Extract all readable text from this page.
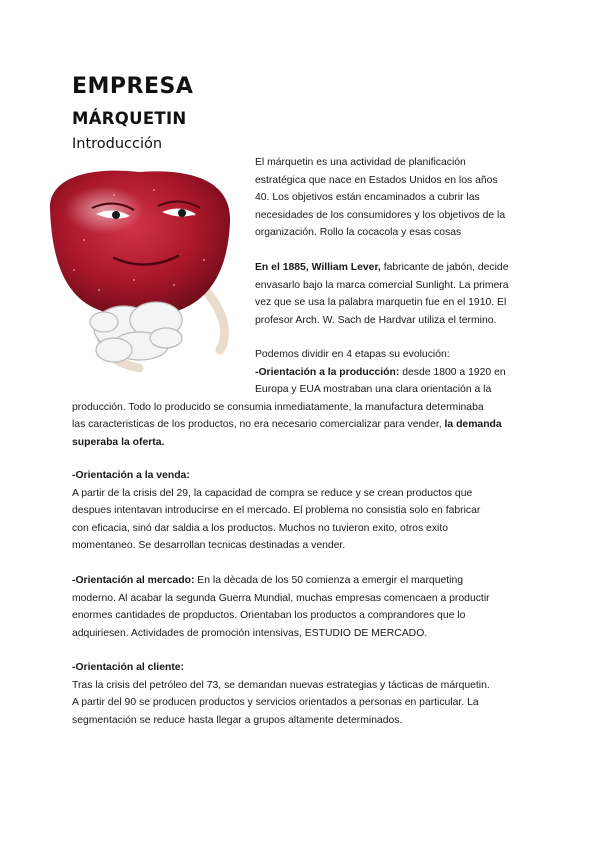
EMPRESA
MÁRQUETIN
Introducción

El márquetin es una actividad de planificación
estratégica que nace en Estados Unidos en los años
40. Los objetivos están encaminados a cubrir las
necesidades de los consumidores y los objetivos de la
organización. Rollo la cocacola y esas cosas

En el 1885, William Lever, fabricante de jabón, decide
envasarlo bajo la marca comercial Sunlight. La primera
vez que se usa la palabra marquetin fue en el 1910. El
profesor Arch. W. Sach de Hardvar utiliza el termino.

Podemos dividir en 4 etapas su evolución:
-Orientación a la producción: desde 1800 a 1920 en
Europa y EUA mostraban una clara orientación a la

producción. Todo lo producido se consumia inmediatamente, la manufactura determinaba
las caracteristicas de los productos, no era necesario comercializar para vender, la demanda
superaba la oferta.

-Orientación a la venda:
A partir de la crisis del 29, la capacidad de compra se reduce y se crean productos que
despues intentavan introducirse en el mercado. El problema no consistia solo en fabricar
con eficacia, sinó dar saldia a los productos. Muchos no tuvieron exito, otros exito
momentaneo. Se desarrollan tecnicas destinadas a vender.

-Orientación al mercado: En la dècada de los 50 comienza a emergir el marqueting
moderno. Al acabar la segunda Guerra Mundial, muchas empresas comencaen a productir
enormes cantidades de propductos. Orientaban los productos a comprandores que lo
adquiriesen. Actividades de promoción intensivas, ESTUDIO DE MERCADO.

-Orientación al cliente:
Tras la crisis del petróleo del 73, se demandan nuevas estrategias y tácticas de márquetin.
A partir del 90 se producen productos y servicios orientados a personas en particular. La
segmentación se reduce hasta llegar a grupos altamente determinados.
